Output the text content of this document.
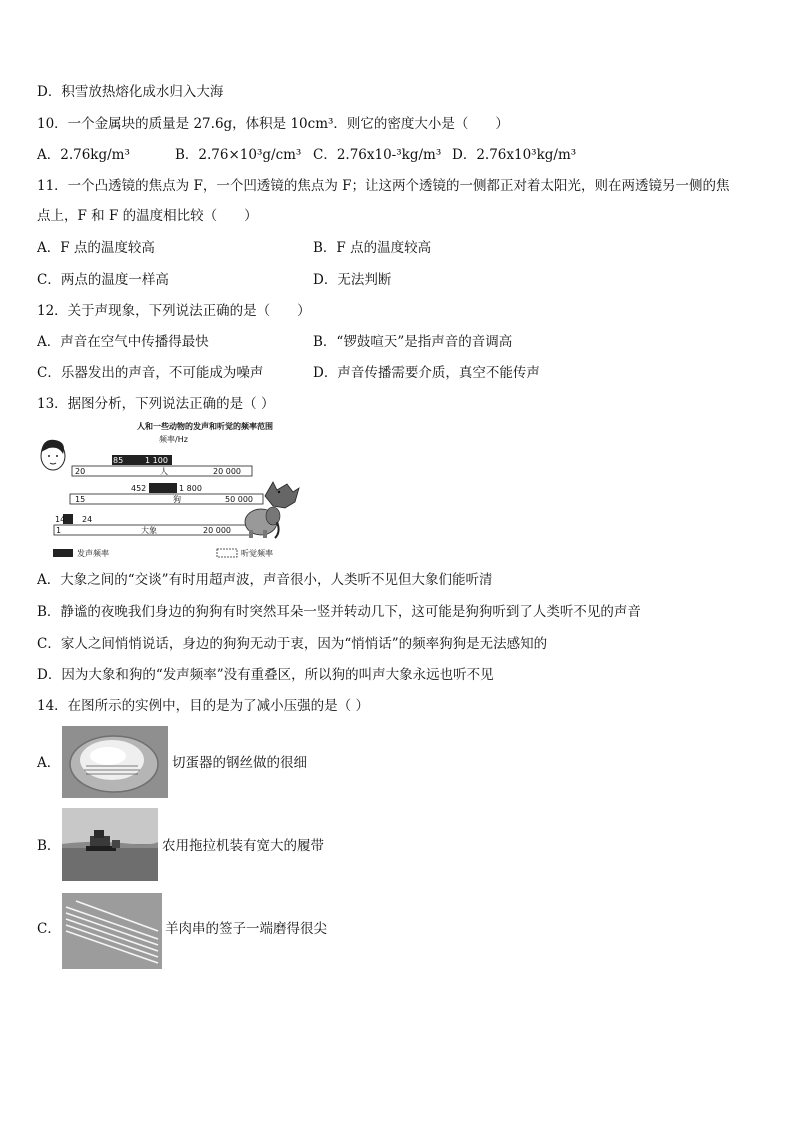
D．积雪放热熔化成水归入大海
10．一个金属块的质量是 27.6g，体积是 10cm³．则它的密度大小是（　　）
A．2.76kg/m³	B．2.76×10³g/cm³ C．2.76x10-³kg/m³ D．2.76x10³kg/m³
11．一个凸透镜的焦点为 F，一个凹透镜的焦点为 F；让这两个透镜的一侧都正对着太阳光，则在两透镜另一侧的焦
点上，F 和 F 的温度相比较（　　）
A．F 点的温度较高	B．F 点的温度较高
C．两点的温度一样高	D．无法判断
12．关于声现象，下列说法正确的是（　　）
A．声音在空气中传播得最快	B．“锣鼓喧天”是指声音的音调高
C．乐器发出的声音，不可能成为噪声	D．声音传播需要介质，真空不能传声
13．据图分析，下列说法正确的是（ ）
人和一些动物的发声和听觉的频率范围
频率/Hz
85	1 100
20	人	20 000
452	1 800
15	狗	50 000
14 24
1	大象	20 000
发声频率	听觉频率
A．大象之间的“交谈”有时用超声波，声音很小，人类听不见但大象们能听清
B．静谧的夜晚我们身边的狗狗有时突然耳朵一竖并转动几下，这可能是狗狗听到了人类听不见的声音
C．家人之间悄悄说话，身边的狗狗无动于衷，因为“悄悄话”的频率狗狗是无法感知的
D．因为大象和狗的“发声频率”没有重叠区，所以狗的叫声大象永远也听不见
14．在图所示的实例中，目的是为了减小压强的是（ ）
A．	切蛋器的钢丝做的很细
B．	农用拖拉机装有宽大的履带
C．	羊肉串的签子一端磨得很尖
